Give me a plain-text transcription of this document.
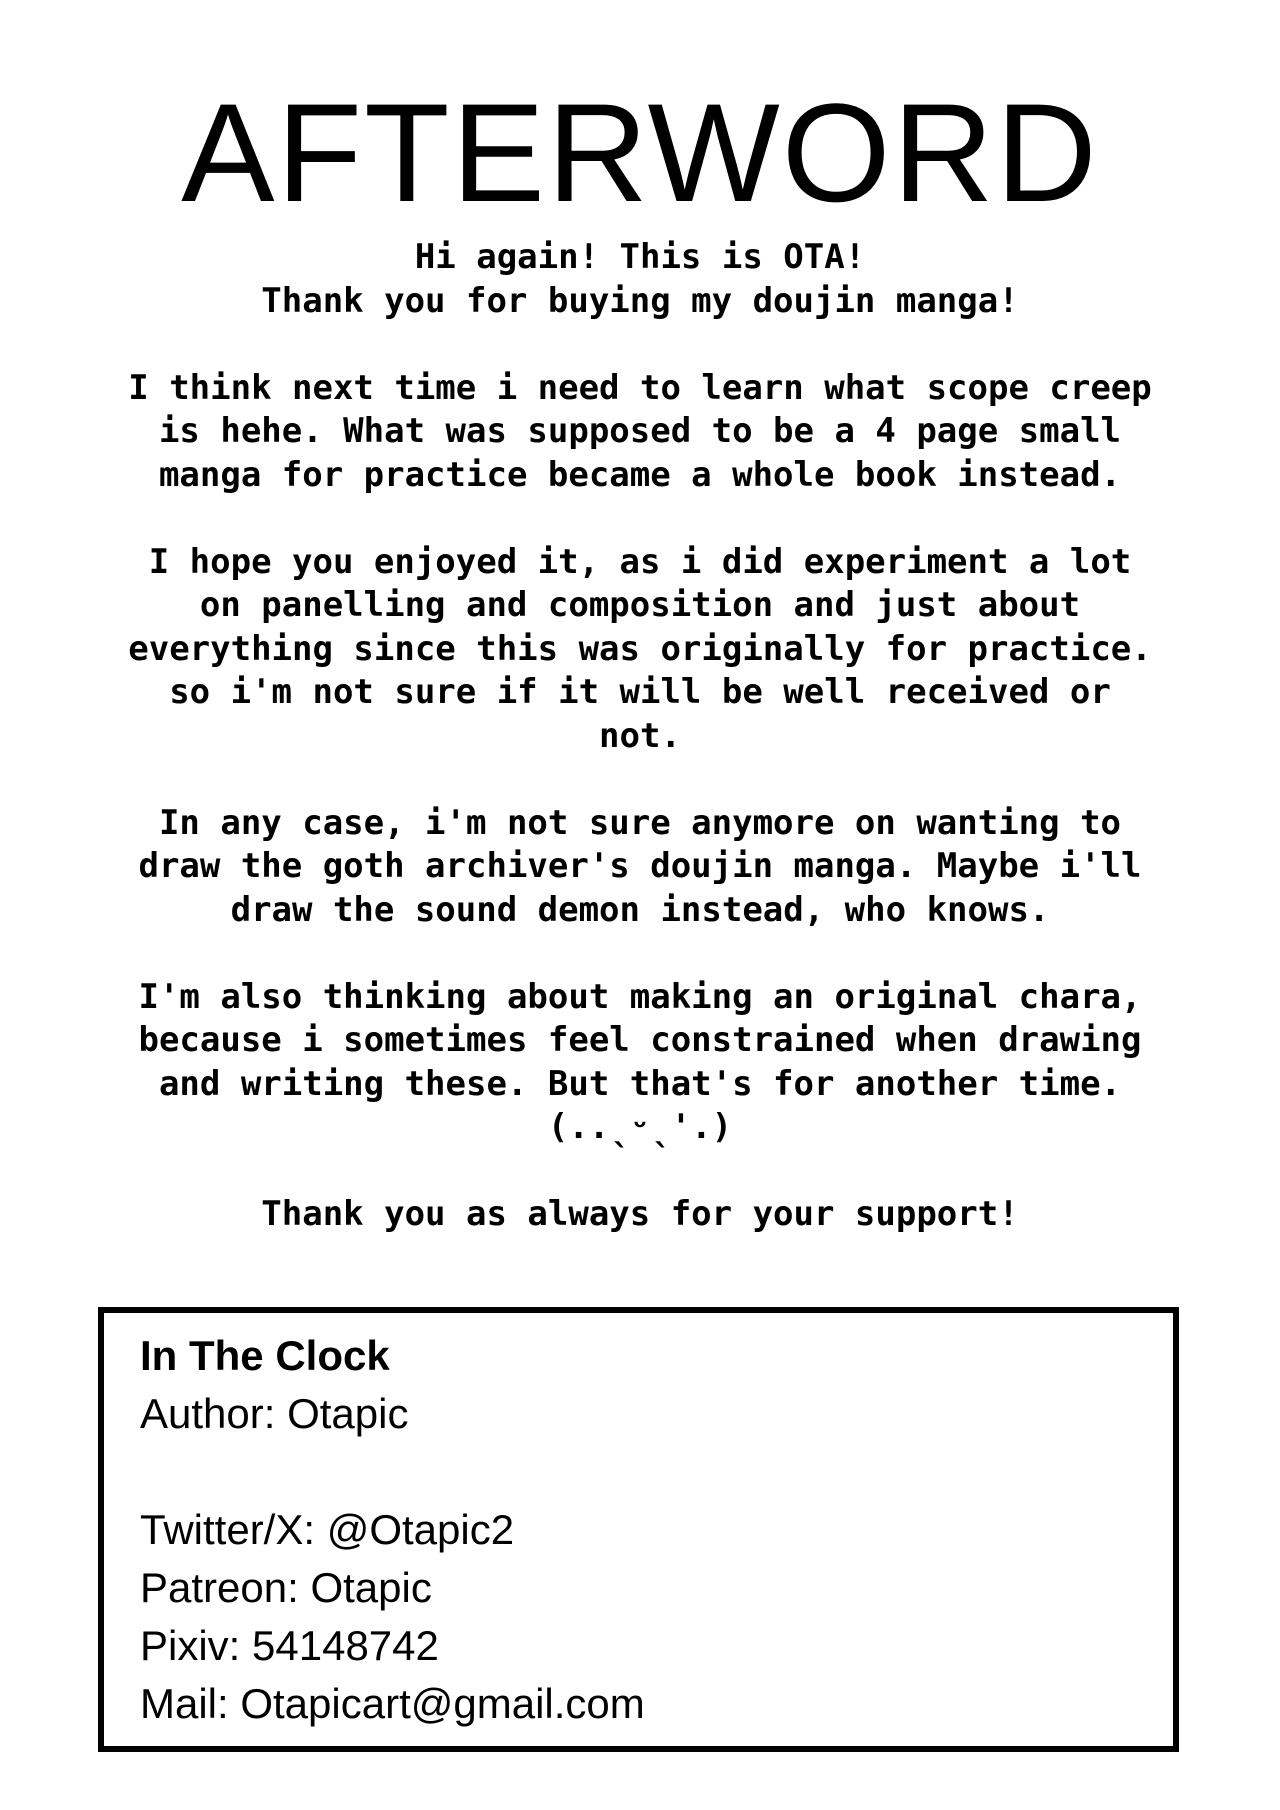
AFTERWORD

Hi again! This is OTA!
Thank you for buying my doujin manga!

I think next time i need to learn what scope creep
is hehe. What was supposed to be a 4 page small
manga for practice became a whole book instead.

I hope you enjoyed it, as i did experiment a lot
on panelling and composition and just about
everything since this was originally for practice.
so i'm not sure if it will be well received or
not.

In any case, i'm not sure anymore on wanting to
draw the goth archiver's doujin manga. Maybe i'll
draw the sound demon instead, who knows.

I'm also thinking about making an original chara,
because i sometimes feel constrained when drawing
and writing these. But that's for another time.
(..ˎᵕˎ'.)

Thank you as always for your support!

In The Clock
Author: Otapic
Twitter/X: @Otapic2
Patreon: Otapic
Pixiv: 54148742
Mail: Otapicart@gmail.com
